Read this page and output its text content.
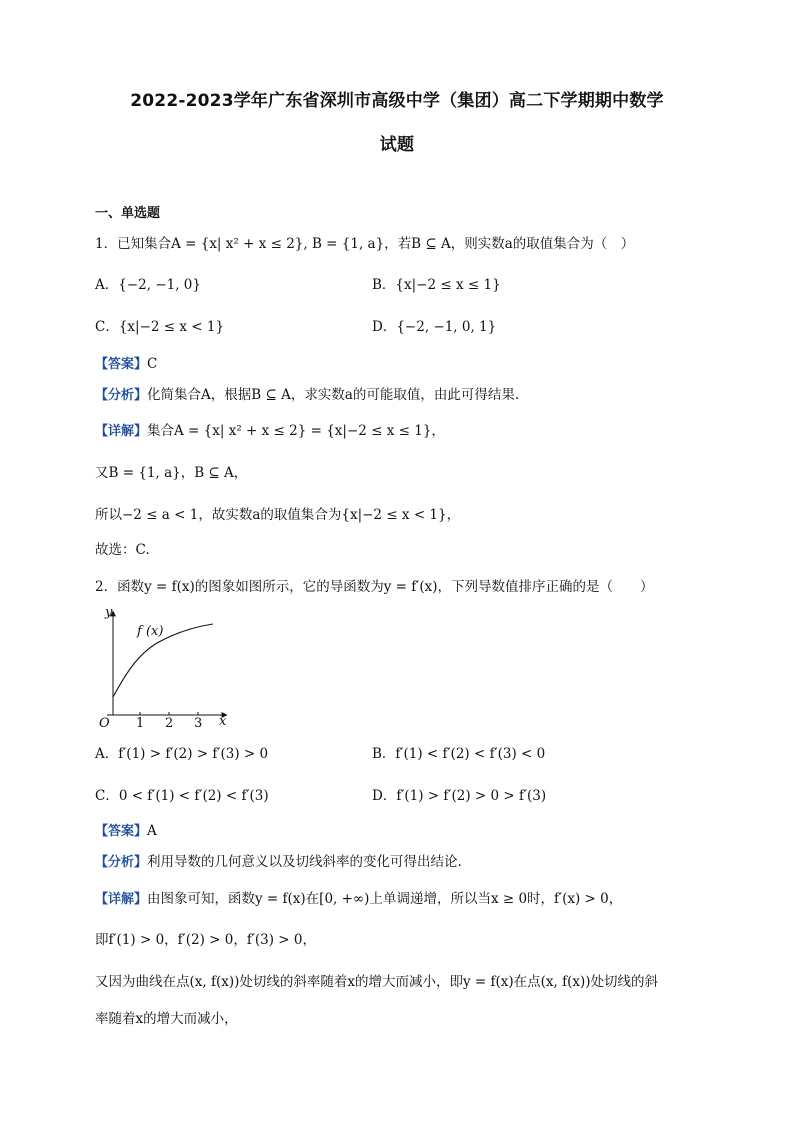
2022-2023学年广东省深圳市高级中学（集团）高二下学期期中数学
试题
一、单选题
1．已知集合A = {x| x² + x ≤ 2}, B = {1, a}，若B ⊆ A，则实数a的取值集合为（　）
A．{−2, −1, 0}	B．{x|−2 ≤ x ≤ 1}
C．{x|−2 ≤ x < 1}	D．{−2, −1, 0, 1}
【答案】C
【分析】化简集合A，根据B ⊆ A，求实数a的可能取值，由此可得结果.
【详解】集合A = {x| x² + x ≤ 2} = {x|−2 ≤ x ≤ 1}，
又B = {1, a}，B ⊆ A，
所以−2 ≤ a < 1，故实数a的取值集合为{x|−2 ≤ x < 1}，
故选：C.
2．函数y = f(x)的图象如图所示，它的导函数为y = f′(x)，下列导数值排序正确的是（　　）
y
x
O 1 2 3
f (x)
A．f′(1) > f′(2) > f′(3) > 0	B．f′(1) < f′(2) < f′(3) < 0
C．0 < f′(1) < f′(2) < f′(3)	D．f′(1) > f′(2) > 0 > f′(3)
【答案】A
【分析】利用导数的几何意义以及切线斜率的变化可得出结论.
【详解】由图象可知，函数y = f(x)在[0, +∞)上单调递增，所以当x ≥ 0时，f′(x) > 0，
即f′(1) > 0，f′(2) > 0，f′(3) > 0，
又因为曲线在点(x, f(x))处切线的斜率随着x的增大而减小，即y = f(x)在点(x, f(x))处切线的斜
率随着x的增大而减小，
